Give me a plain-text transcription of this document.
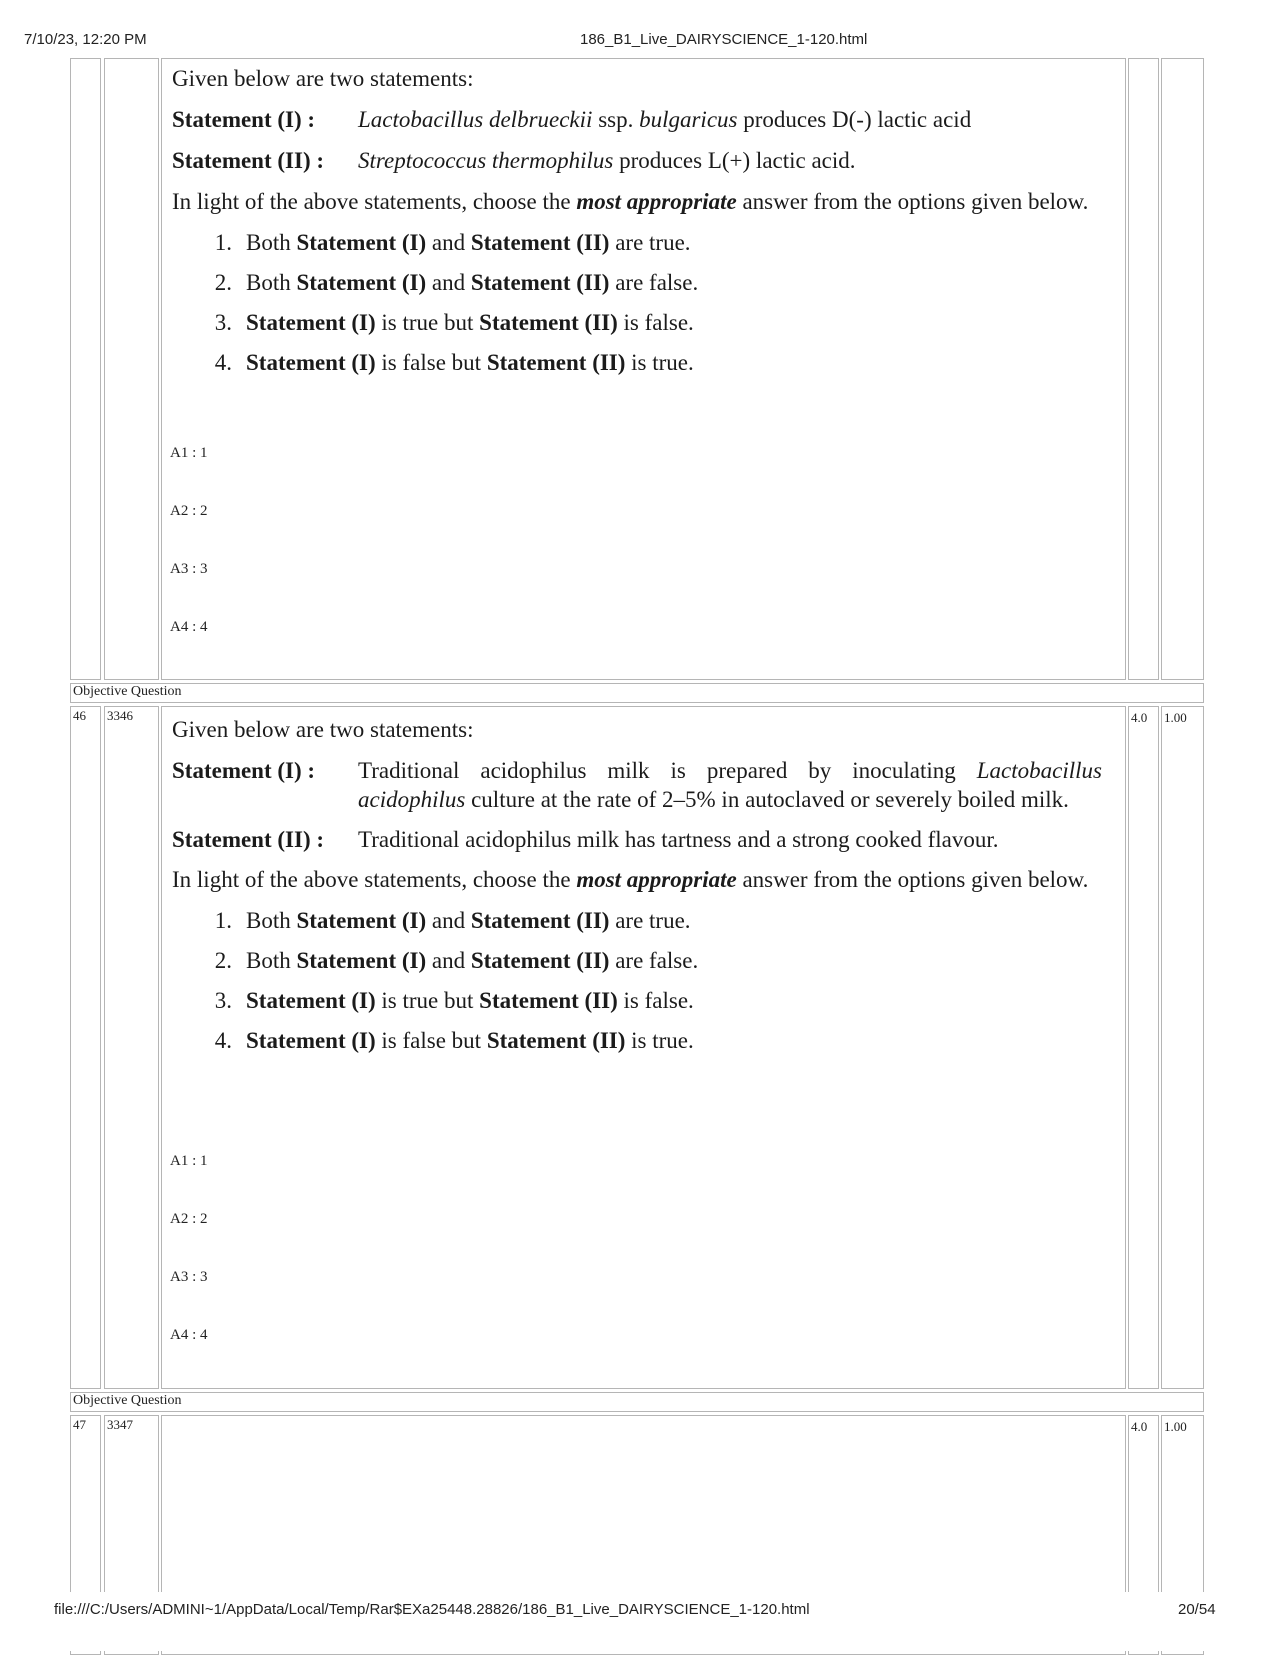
7/10/23, 12:20 PM	186_B1_Live_DAIRYSCIENCE_1-120.html

Given below are two statements:

Statement (I) :	Lactobacillus delbrueckii ssp. bulgaricus produces D(-) lactic acid
Statement (II) :	Streptococcus thermophilus produces L(+) lactic acid.

In light of the above statements, choose the most appropriate answer from the options given below.

1. Both Statement (I) and Statement (II) are true.
2. Both Statement (I) and Statement (II) are false.
3. Statement (I) is true but Statement (II) is false.
4. Statement (I) is false but Statement (II) is true.
A1 : 1
A2 : 2
A3 : 3
A4 : 4
Objective Question
46 3346	4.0 1.00

Given below are two statements:

Statement (I) :	Traditional acidophilus milk is prepared by inoculating Lactobacillus acidophilus culture at the rate of 2–5% in autoclaved or severely boiled milk.
Statement (II) :	Traditional acidophilus milk has tartness and a strong cooked flavour.

In light of the above statements, choose the most appropriate answer from the options given below.

1. Both Statement (I) and Statement (II) are true.
2. Both Statement (I) and Statement (II) are false.
3. Statement (I) is true but Statement (II) is false.
4. Statement (I) is false but Statement (II) is true.
A1 : 1
A2 : 2
A3 : 3
A4 : 4
Objective Question
47 3347	4.0 1.00
file:///C:/Users/ADMINI~1/AppData/Local/Temp/Rar$EXa25448.28826/186_B1_Live_DAIRYSCIENCE_1-120.html	20/54
